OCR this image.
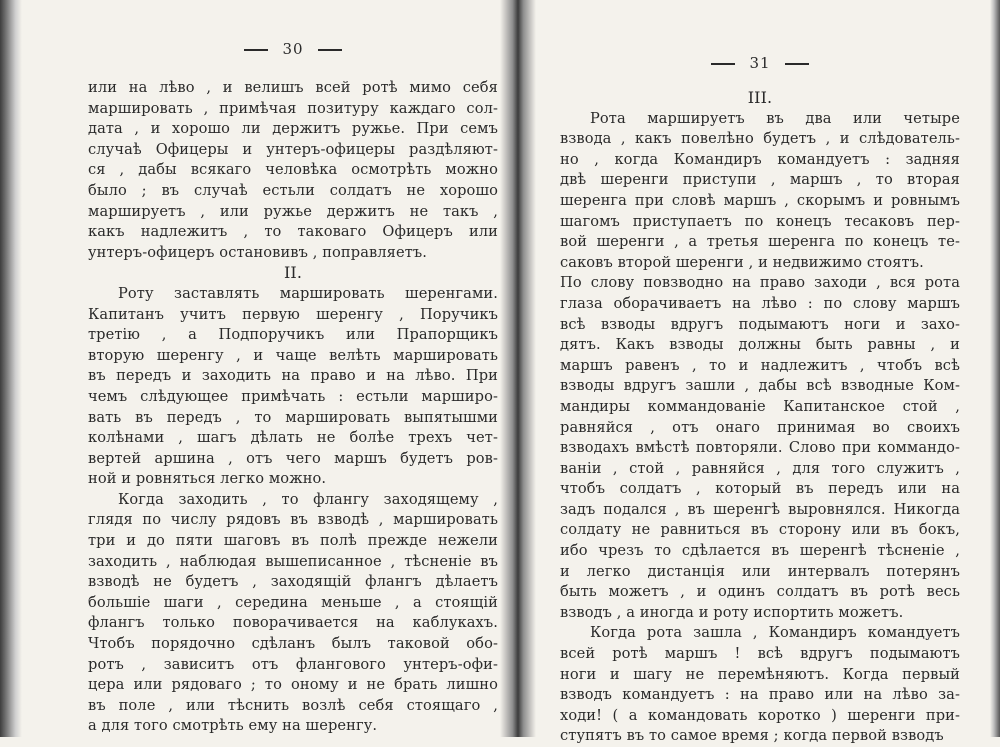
30
или на лѣво , и велишъ всей ротѣ мимо себя
маршировать , примѣчая позитуру каждаго сол-
дата , и хорошо ли держитъ ружье. При семъ
случаѣ Офицеры и унтеръ-офицеры раздѣляют-
ся , дабы всякаго человѣка осмотрѣть можно
было ; въ случаѣ естьли солдатъ не хорошо
маршируетъ , или ружье держитъ не такъ ,
какъ надлежитъ , то таковаго Офицеръ или
унтеръ-офицеръ остановивъ , поправляетъ.
II.
Роту заставлять маршировать шеренгами.
Капитанъ учитъ первую шеренгу , Поручикъ
третію , а Подпоручикъ или Прапорщикъ
вторую шеренгу , и чаще велѣть маршировать
въ передъ и заходить на право и на лѣво. При
чемъ слѣдующее примѣчать : естьли марширо-
вать въ передъ , то маршировать выпятышми
колѣнами , шагъ дѣлать не болѣе трехъ чет-
вертей аршина , отъ чего маршъ будетъ ров-
ной и ровняться легко можно.
Когда заходить , то флангу заходящему ,
глядя по числу рядовъ въ взводѣ , маршировать
три и до пяти шаговъ въ полѣ прежде нежели
заходить , наблюдая вышеписанное , тѣсненіе въ
взводѣ не будетъ , заходящій флангъ дѣлаетъ
большіе шаги , середина меньше , а стоящій
флангъ только поворачивается на каблукахъ.
Чтобъ порядочно сдѣланъ былъ таковой обо-
ротъ , зависитъ отъ флангового унтеръ-офи-
цера или рядоваго ; то оному и не брать лишно
въ поле , или тѣснить возлѣ себя стоящаго ,
а для того смотрѣть ему на шеренгу.
31
III.
Рота маршируетъ въ два или четыре
взвода , какъ повелѣно будетъ , и слѣдователь-
но , когда Командиръ командуетъ : задняя
двѣ шеренги приступи , маршъ , то вторая
шеренга при словѣ маршъ , скорымъ и ровнымъ
шагомъ приступаетъ по конецъ тесаковъ пер-
вой шеренги , а третья шеренга по конецъ те-
саковъ второй шеренги , и недвижимо стоятъ.
По слову повзводно на право заходи , вся рота
глаза оборачиваетъ на лѣво : по слову маршъ
всѣ взводы вдругъ подымаютъ ноги и захо-
дятъ. Какъ взводы должны быть равны , и
маршъ равенъ , то и надлежитъ , чтобъ всѣ
взводы вдругъ зашли , дабы всѣ взводные Ком-
мандиры коммандованіе Капитанское стой ,
равняйся , отъ онаго принимая во своихъ
взводахъ вмѣстѣ повторяли. Слово при коммандо-
ваніи , стой , равняйся , для того служитъ ,
чтобъ солдатъ , который въ передъ или на
задъ подался , въ шеренгѣ выровнялся. Никогда
солдату не равниться въ сторону или въ бокъ,
ибо чрезъ то сдѣлается въ шеренгѣ тѣсненіе ,
и легко дистанція или интервалъ потерянъ
быть можетъ , и одинъ солдатъ въ ротѣ весь
взводъ , а иногда и роту испортить можетъ.
Когда рота зашла , Командиръ командуетъ
всей ротѣ маршъ ! всѣ вдругъ подымаютъ
ноги и шагу не перемѣняютъ. Когда первый
взводъ командуетъ : на право или на лѣво за-
ходи! ( а командовать коротко ) шеренги при-
ступятъ въ то самое время ; когда первой взводъ
